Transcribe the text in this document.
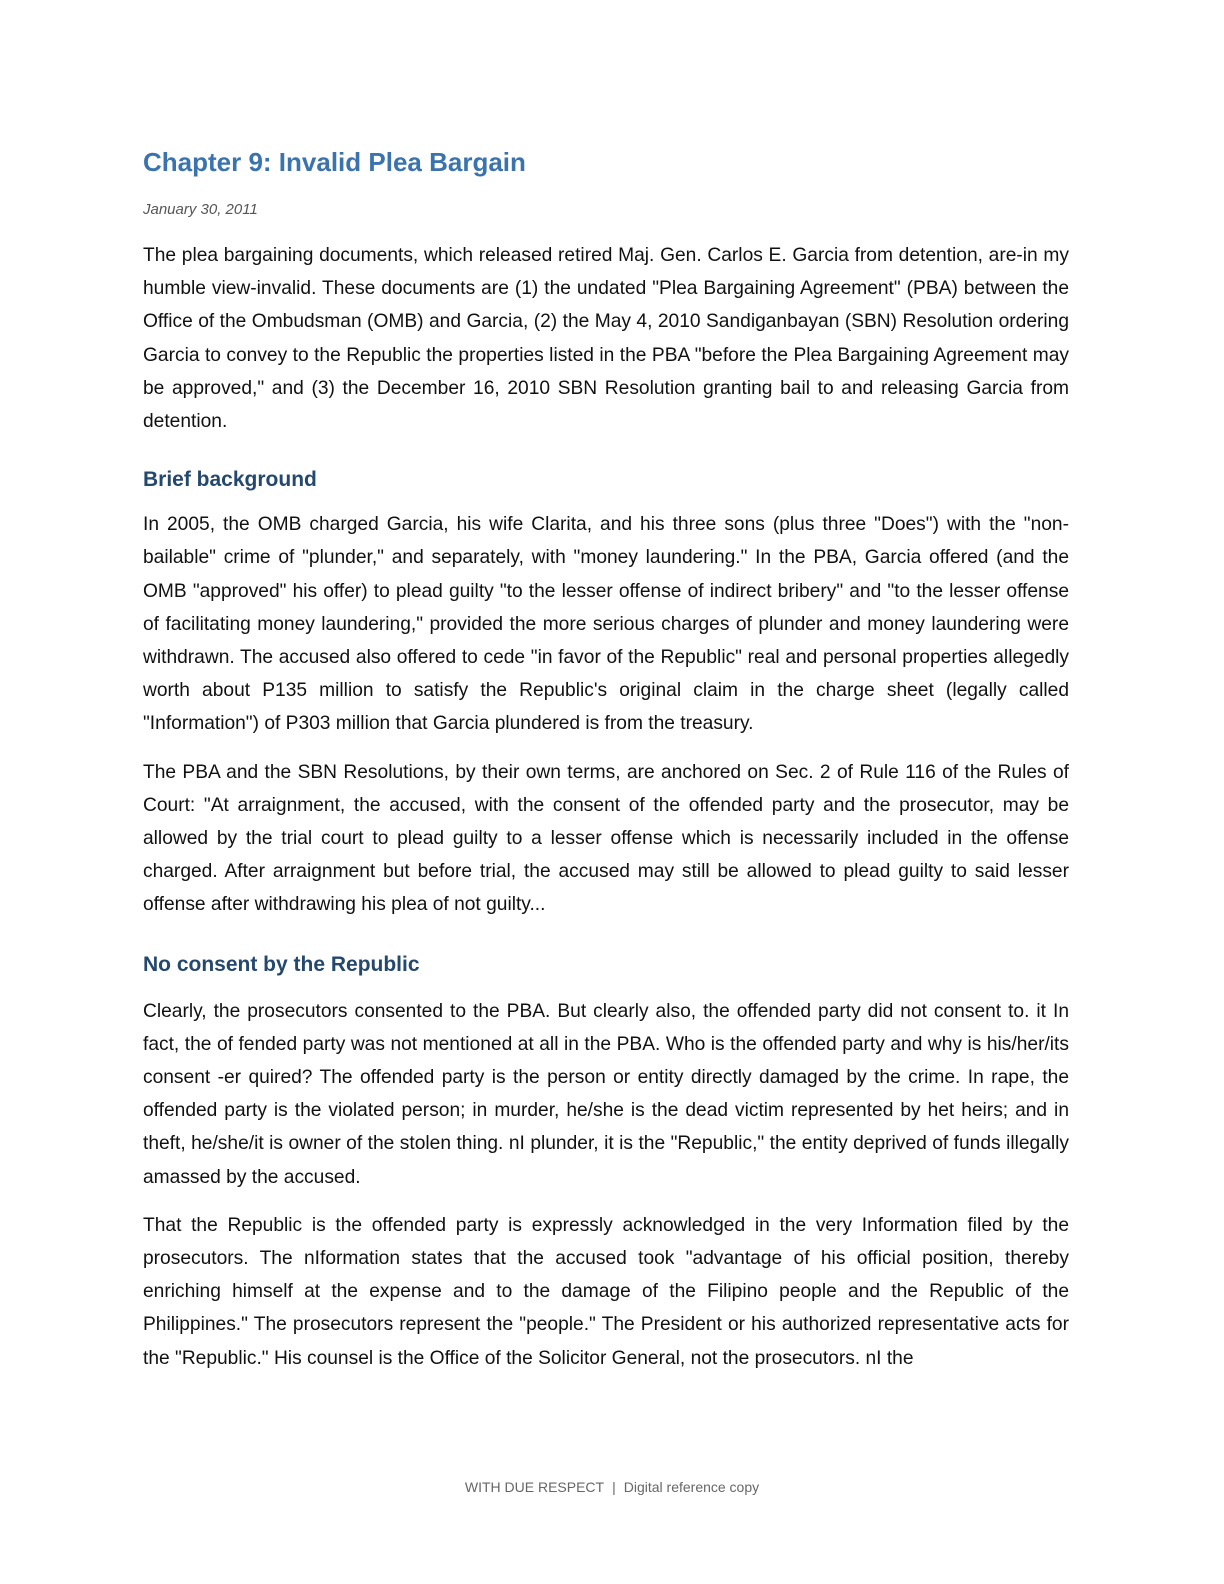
Chapter 9: Invalid Plea Bargain

January 30, 2011

The plea bargaining documents, which released retired Maj. Gen. Carlos E. Garcia from detention, are-in my humble view-invalid. These documents are (1) the undated "Plea Bargaining Agreement" (PBA) between the Office of the Ombudsman (OMB) and Garcia, (2) the May 4, 2010 Sandiganbayan (SBN) Resolution ordering Garcia to convey to the Republic the properties listed in the PBA "before the Plea Bargaining Agreement may be approved," and (3) the December 16, 2010 SBN Resolution granting bail to and releasing Garcia from detention.

Brief background

In 2005, the OMB charged Garcia, his wife Clarita, and his three sons (plus three "Does") with the "non-bailable" crime of "plunder," and separately, with "money laundering." In the PBA, Garcia offered (and the OMB "approved" his offer) to plead guilty "to the lesser offense of indirect bribery" and "to the lesser offense of facilitating money laundering," provided the more serious charges of plunder and money laundering were withdrawn. The accused also offered to cede "in favor of the Republic" real and personal properties allegedly worth about P135 million to satisfy the Republic's original claim in the charge sheet (legally called "Information") of P303 million that Garcia plundered is from the treasury.

The PBA and the SBN Resolutions, by their own terms, are anchored on Sec. 2 of Rule 116 of the Rules of Court: "At arraignment, the accused, with the consent of the offended party and the prosecutor, may be allowed by the trial court to plead guilty to a lesser offense which is necessarily included in the offense charged. After arraignment but before trial, the accused may still be allowed to plead guilty to said lesser offense after withdrawing his plea of not guilty...

No consent by the Republic

Clearly, the prosecutors consented to the PBA. But clearly also, the offended party did not consent to. it In fact, the of fended party was not mentioned at all in the PBA. Who is the offended party and why is his/her/its consent -er quired? The offended party is the person or entity directly damaged by the crime. In rape, the offended party is the violated person; in murder, he/she is the dead victim represented by het heirs; and in theft, he/she/it is owner of the stolen thing. nI plunder, it is the "Republic," the entity deprived of funds illegally amassed by the accused.

That the Republic is the offended party is expressly acknowledged in the very Information filed by the prosecutors. The nIformation states that the accused took "advantage of his official position, thereby enriching himself at the expense and to the damage of the Filipino people and the Republic of the Philippines." The prosecutors represent the "people." The President or his authorized representative acts for the "Republic." His counsel is the Office of the Solicitor General, not the prosecutors. nI the

WITH DUE RESPECT | Digital reference copy
